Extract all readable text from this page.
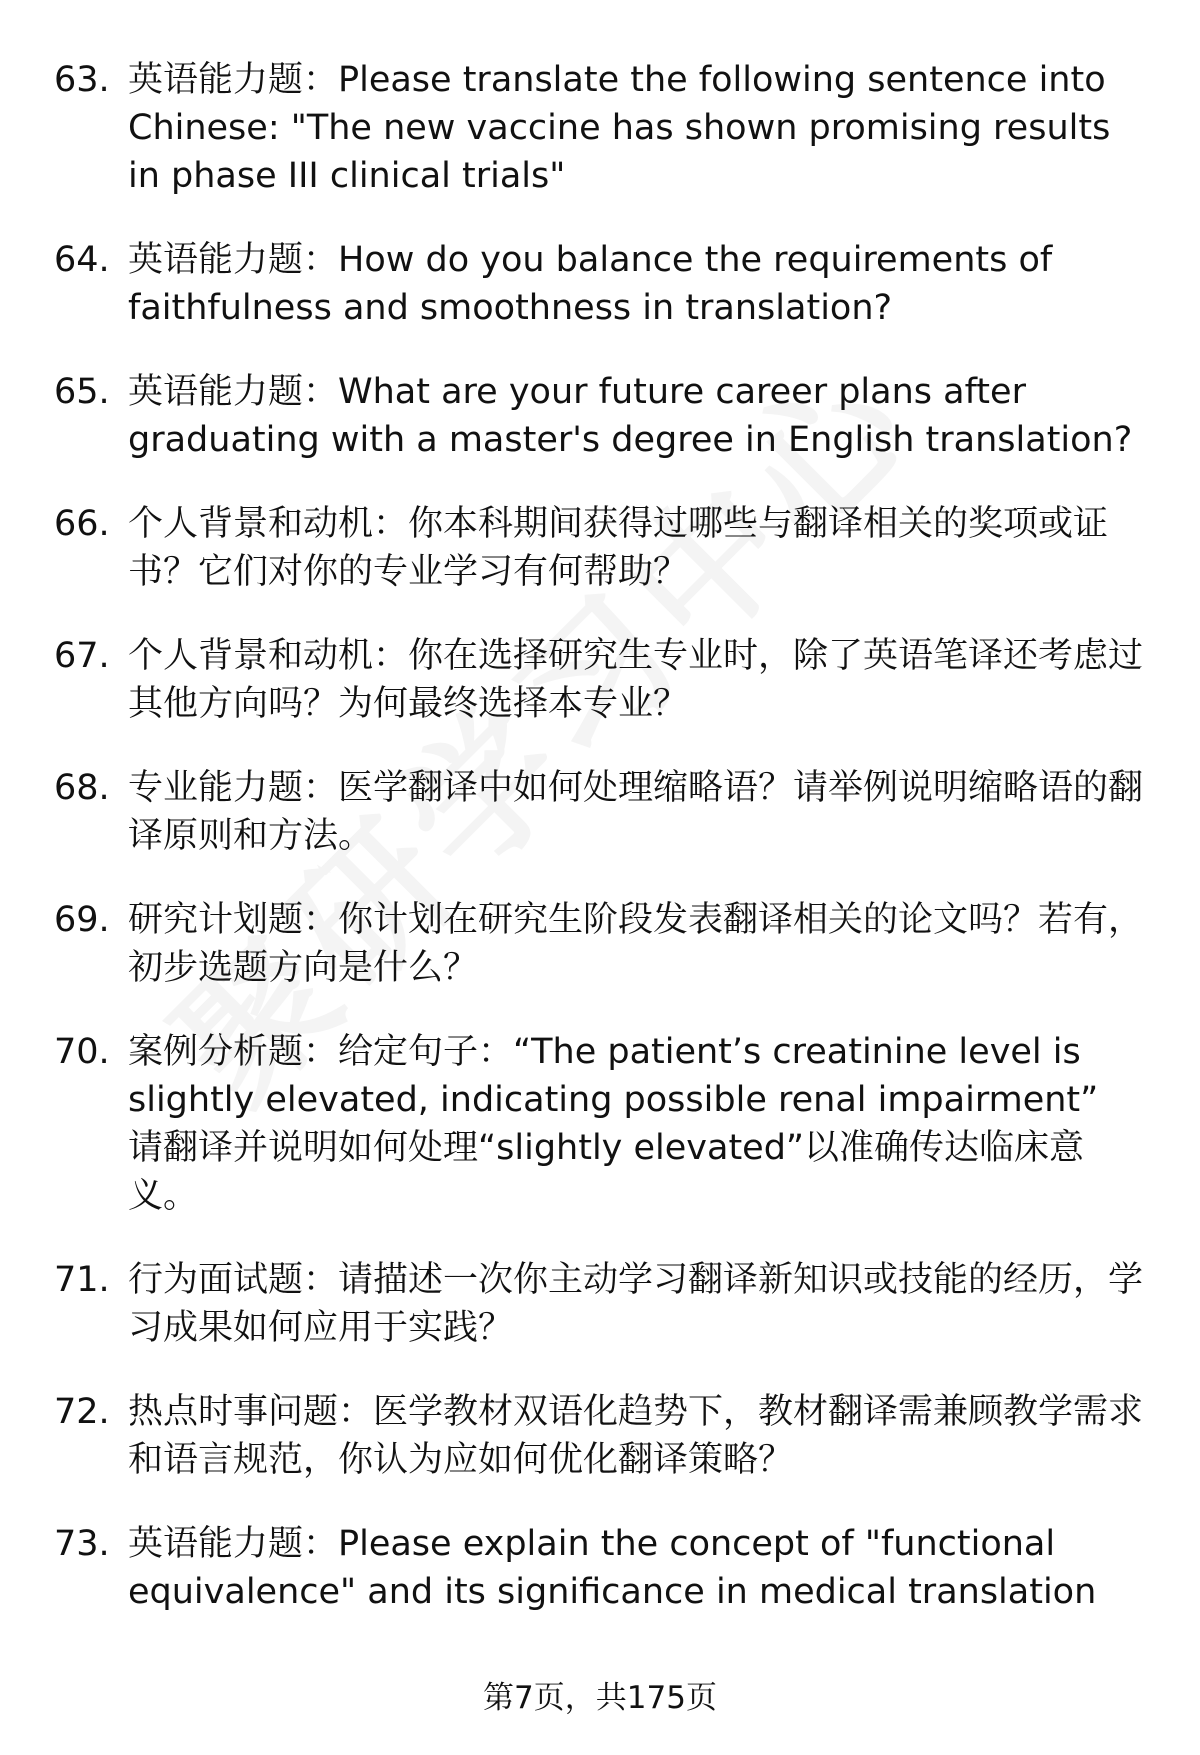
63. 英语能力题：Please translate the following sentence into Chinese: "The new vaccine has shown promising results in phase III clinical trials"
64. 英语能力题：How do you balance the requirements of faithfulness and smoothness in translation?
65. 英语能力题：What are your future career plans after graduating with a master's degree in English translation?
66. 个人背景和动机：你本科期间获得过哪些与翻译相关的奖项或证书？它们对你的专业学习有何帮助？
67. 个人背景和动机：你在选择研究生专业时，除了英语笔译还考虑过其他方向吗？为何最终选择本专业？
68. 专业能力题：医学翻译中如何处理缩略语？请举例说明缩略语的翻译原则和方法。
69. 研究计划题：你计划在研究生阶段发表翻译相关的论文吗？若有，初步选题方向是什么？
70. 案例分析题：给定句子：“The patient’s creatinine level is slightly elevated, indicating possible renal impairment” 请翻译并说明如何处理“slightly elevated”以准确传达临床意义。
71. 行为面试题：请描述一次你主动学习翻译新知识或技能的经历，学习成果如何应用于实践？
72. 热点时事问题：医学教材双语化趋势下，教材翻译需兼顾教学需求和语言规范，你认为应如何优化翻译策略？
73. 英语能力题：Please explain the concept of "functional equivalence" and its significance in medical translation
第7页，共175页
